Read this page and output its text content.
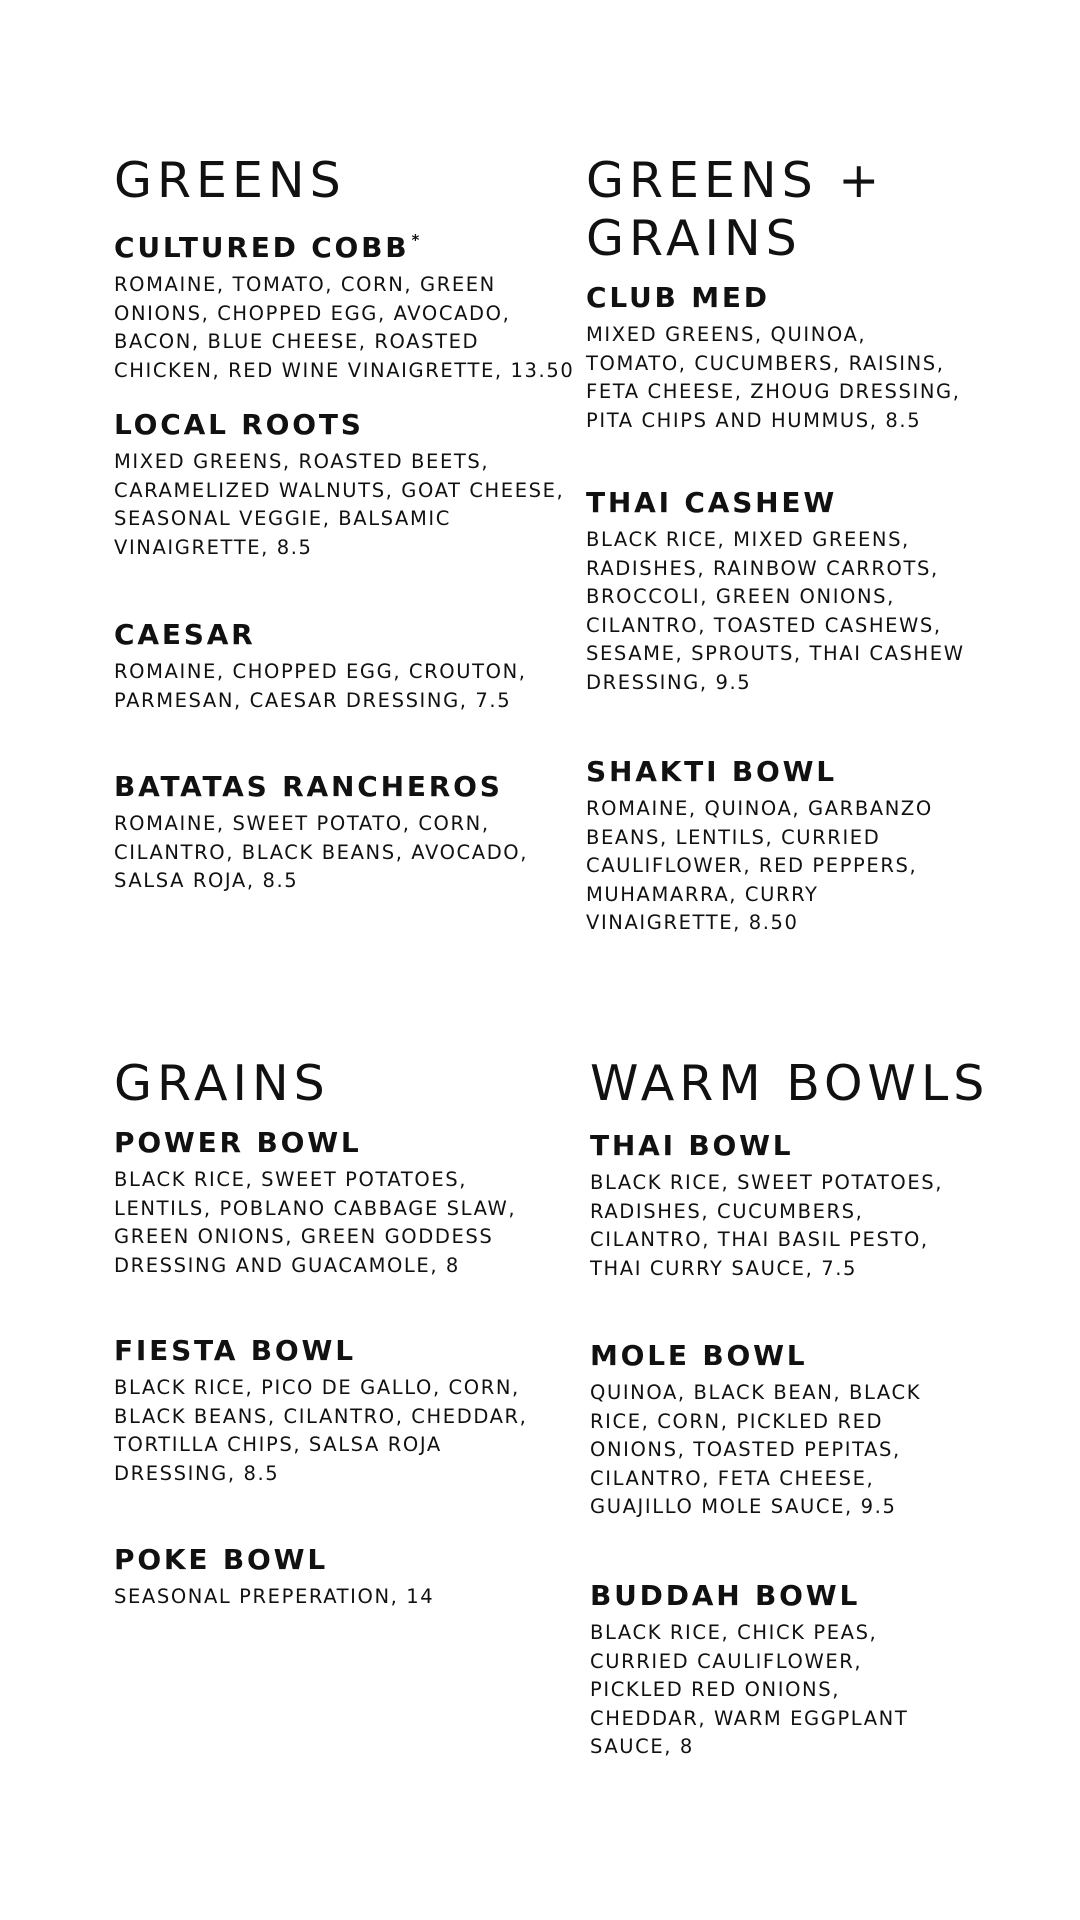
GREENS
CULTURED COBB *

ROMAINE, TOMATO, CORN, GREEN
ONIONS, CHOPPED EGG, AVOCADO,
BACON, BLUE CHEESE, ROASTED
CHICKEN, RED WINE VINAIGRETTE, 13.50

LOCAL ROOTS

MIXED GREENS, ROASTED BEETS,
CARAMELIZED WALNUTS, GOAT CHEESE,
SEASONAL VEGGIE, BALSAMIC
VINAIGRETTE, 8.5

CAESAR

ROMAINE, CHOPPED EGG, CROUTON,
PARMESAN, CAESAR DRESSING, 7.5

BATATAS RANCHEROS

ROMAINE, SWEET POTATO, CORN,
CILANTRO, BLACK BEANS, AVOCADO,
SALSA ROJA, 8.5

GREENS +
GRAINS
CLUB MED

MIXED GREENS, QUINOA,
TOMATO, CUCUMBERS, RAISINS,
FETA CHEESE, ZHOUG DRESSING,
PITA CHIPS AND HUMMUS, 8.5

THAI CASHEW

BLACK RICE, MIXED GREENS,
RADISHES, RAINBOW CARROTS,
BROCCOLI, GREEN ONIONS,
CILANTRO, TOASTED CASHEWS,
SESAME, SPROUTS, THAI CASHEW
DRESSING, 9.5

SHAKTI BOWL

ROMAINE, QUINOA, GARBANZO
BEANS, LENTILS, CURRIED
CAULIFLOWER, RED PEPPERS,
MUHAMARRA, CURRY
VINAIGRETTE, 8.50

GRAINS
POWER BOWL

BLACK RICE, SWEET POTATOES,
LENTILS, POBLANO CABBAGE SLAW,
GREEN ONIONS, GREEN GODDESS
DRESSING AND GUACAMOLE, 8

FIESTA BOWL

BLACK RICE, PICO DE GALLO, CORN,
BLACK BEANS, CILANTRO, CHEDDAR,
TORTILLA CHIPS, SALSA ROJA
DRESSING, 8.5

POKE BOWL

SEASONAL PREPERATION, 14

WARM BOWLS
THAI BOWL

BLACK RICE, SWEET POTATOES,
RADISHES, CUCUMBERS,
CILANTRO, THAI BASIL PESTO,
THAI CURRY SAUCE, 7.5

MOLE BOWL

QUINOA, BLACK BEAN, BLACK
RICE, CORN, PICKLED RED
ONIONS, TOASTED PEPITAS,
CILANTRO, FETA CHEESE,
GUAJILLO MOLE SAUCE, 9.5

BUDDAH BOWL

BLACK RICE, CHICK PEAS,
CURRIED CAULIFLOWER,
PICKLED RED ONIONS,
CHEDDAR, WARM EGGPLANT
SAUCE, 8
